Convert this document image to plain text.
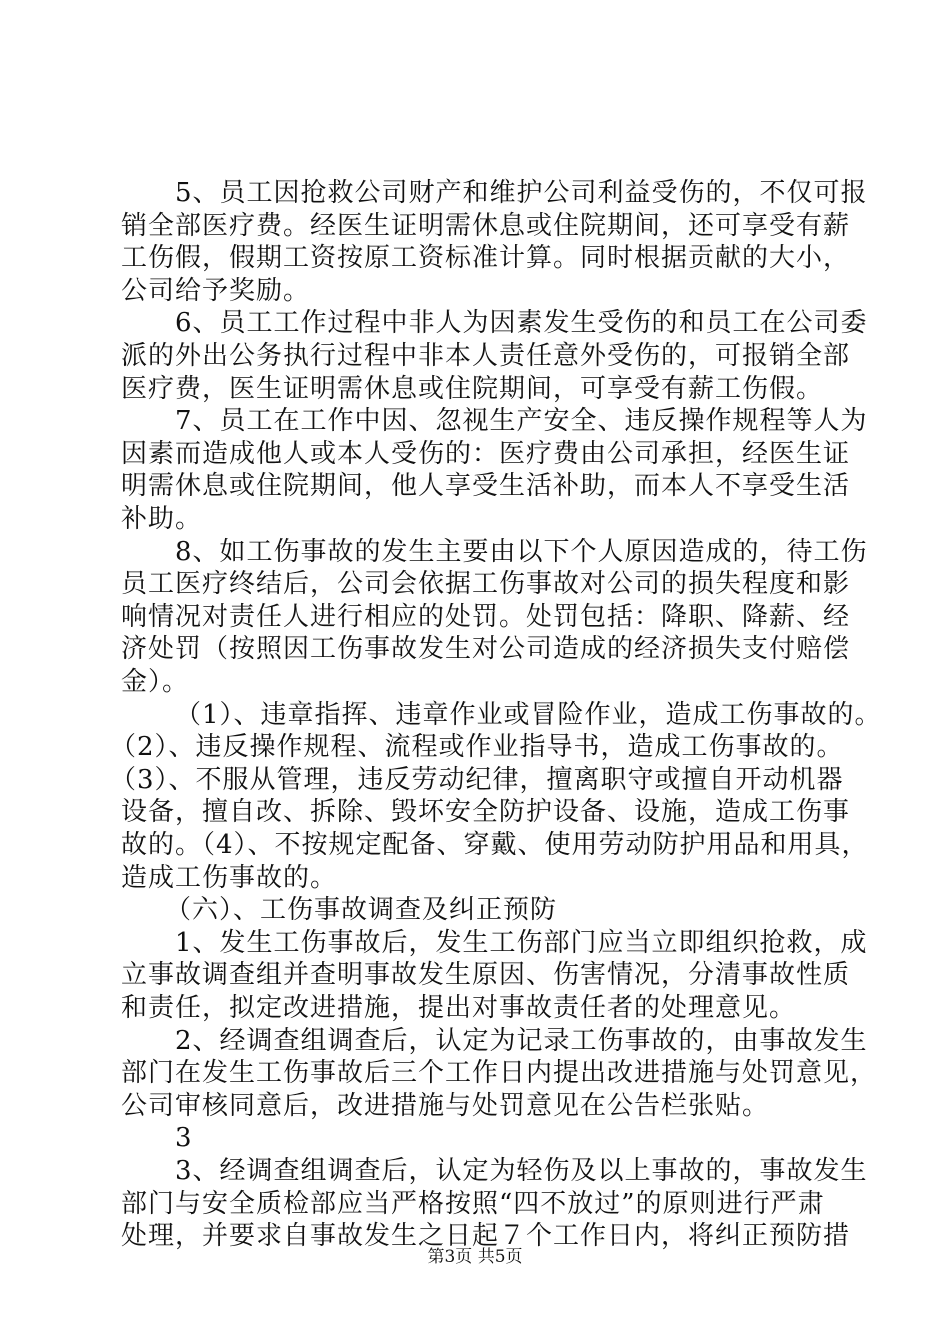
5、员工因抢救公司财产和维护公司利益受伤的，不仅可报
销全部医疗费。经医生证明需休息或住院期间，还可享受有薪
工伤假，假期工资按原工资标准计算。同时根据贡献的大小，
公司给予奖励。
6、员工工作过程中非人为因素发生受伤的和员工在公司委
派的外出公务执行过程中非本人责任意外受伤的，可报销全部
医疗费，医生证明需休息或住院期间，可享受有薪工伤假。
7、员工在工作中因、忽视生产安全、违反操作规程等人为
因素而造成他人或本人受伤的：医疗费由公司承担，经医生证
明需休息或住院期间，他人享受生活补助，而本人不享受生活
补助。
8、如工伤事故的发生主要由以下个人原因造成的，待工伤
员工医疗终结后，公司会依据工伤事故对公司的损失程度和影
响情况对责任人进行相应的处罚。处罚包括：降职、降薪、经
济处罚（按照因工伤事故发生对公司造成的经济损失支付赔偿
金）。
（1）、违章指挥、违章作业或冒险作业，造成工伤事故的。
（2）、违反操作规程、流程或作业指导书，造成工伤事故的。
（3）、不服从管理，违反劳动纪律，擅离职守或擅自开动机器
设备，擅自改、拆除、毁坏安全防护设备、设施，造成工伤事
故的。（4）、不按规定配备、穿戴、使用劳动防护用品和用具，
造成工伤事故的。
（六）、工伤事故调查及纠正预防
1、发生工伤事故后，发生工伤部门应当立即组织抢救，成
立事故调查组并查明事故发生原因、伤害情况，分清事故性质
和责任，拟定改进措施，提出对事故责任者的处理意见。
2、经调查组调查后，认定为记录工伤事故的，由事故发生
部门在发生工伤事故后三个工作日内提出改进措施与处罚意见，
公司审核同意后，改进措施与处罚意见在公告栏张贴。
3
3、经调查组调查后，认定为轻伤及以上事故的，事故发生
部门与安全质检部应当严格按照“四不放过”的原则进行严肃
处理，并要求自事故发生之日起７个工作日内，将纠正预防措
第3页 共5页
